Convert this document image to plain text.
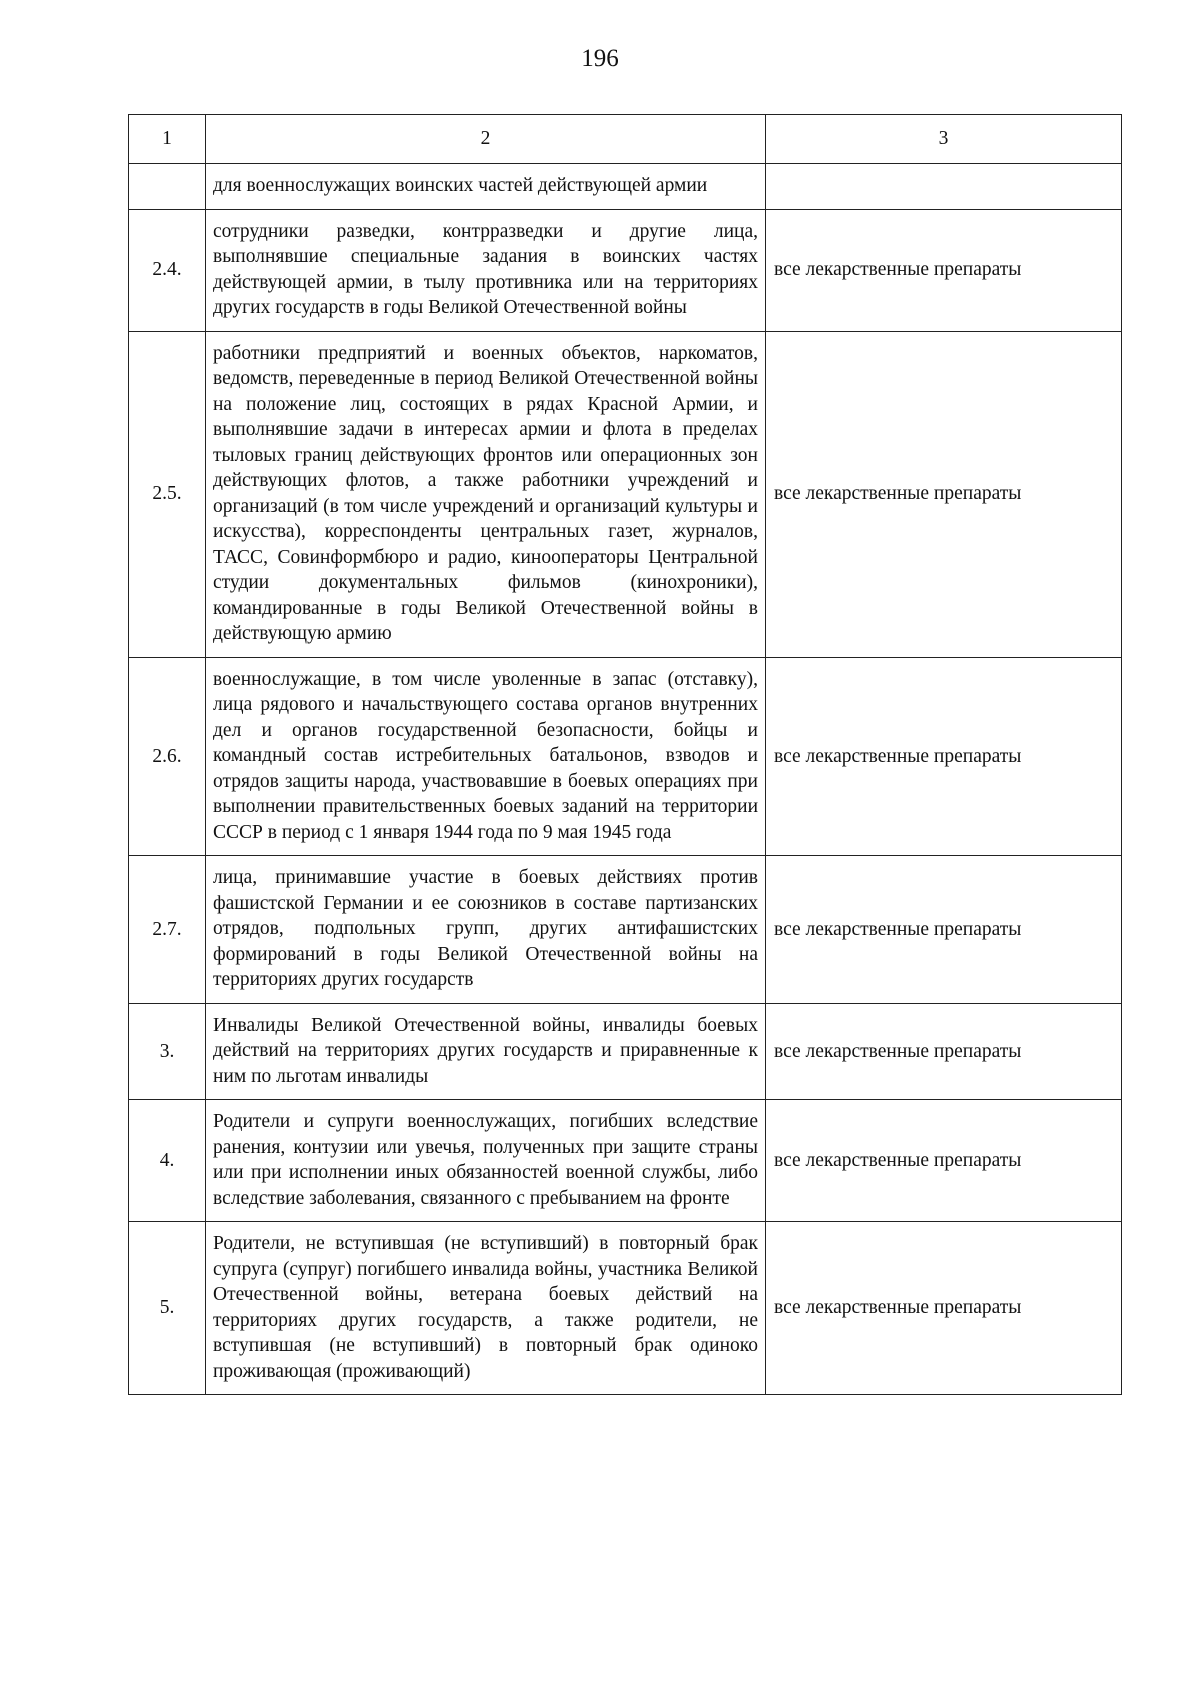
196
1	2	3
	для военнослужащих воинских частей действующей армии	
2.4.	сотрудники разведки, контрразведки и другие лица, выполнявшие специальные задания в воинских частях действующей армии, в тылу противника или на территориях других государств в годы Великой Отечественной войны	все лекарственные препараты
2.5.	работники предприятий и военных объектов, наркоматов, ведомств, переведенные в период Великой Отечественной войны на положение лиц, состоящих в рядах Красной Армии, и выполнявшие задачи в интересах армии и флота в пределах тыловых границ действующих фронтов или операционных зон действующих флотов, а также работники учреждений и организаций (в том числе учреждений и организаций культуры и искусства), корреспонденты центральных газет, журналов, ТАСС, Совинформбюро и радио, кинооператоры Центральной студии документальных фильмов (кинохроники), командированные в годы Великой Отечественной войны в действующую армию	все лекарственные препараты
2.6.	военнослужащие, в том числе уволенные в запас (отставку), лица рядового и начальствующего состава органов внутренних дел и органов государственной безопасности, бойцы и командный состав истребительных батальонов, взводов и отрядов защиты народа, участвовавшие в боевых операциях при выполнении правительственных боевых заданий на территории СССР в период с 1 января 1944 года по 9 мая 1945 года	все лекарственные препараты
2.7.	лица, принимавшие участие в боевых действиях против фашистской Германии и ее союзников в составе партизанских отрядов, подпольных групп, других антифашистских формирований в годы Великой Отечественной войны на территориях других государств	все лекарственные препараты
3.	Инвалиды Великой Отечественной войны, инвалиды боевых действий на территориях других государств и приравненные к ним по льготам инвалиды	все лекарственные препараты
4.	Родители и супруги военнослужащих, погибших вследствие ранения, контузии или увечья, полученных при защите страны или при исполнении иных обязанностей военной службы, либо вследствие заболевания, связанного с пребыванием на фронте	все лекарственные препараты
5.	Родители, не вступившая (не вступивший) в повторный брак супруга (супруг) погибшего инвалида войны, участника Великой Отечественной войны, ветерана боевых действий на территориях других государств, а также родители, не вступившая (не вступивший) в повторный брак одиноко проживающая (проживающий)	все лекарственные препараты
